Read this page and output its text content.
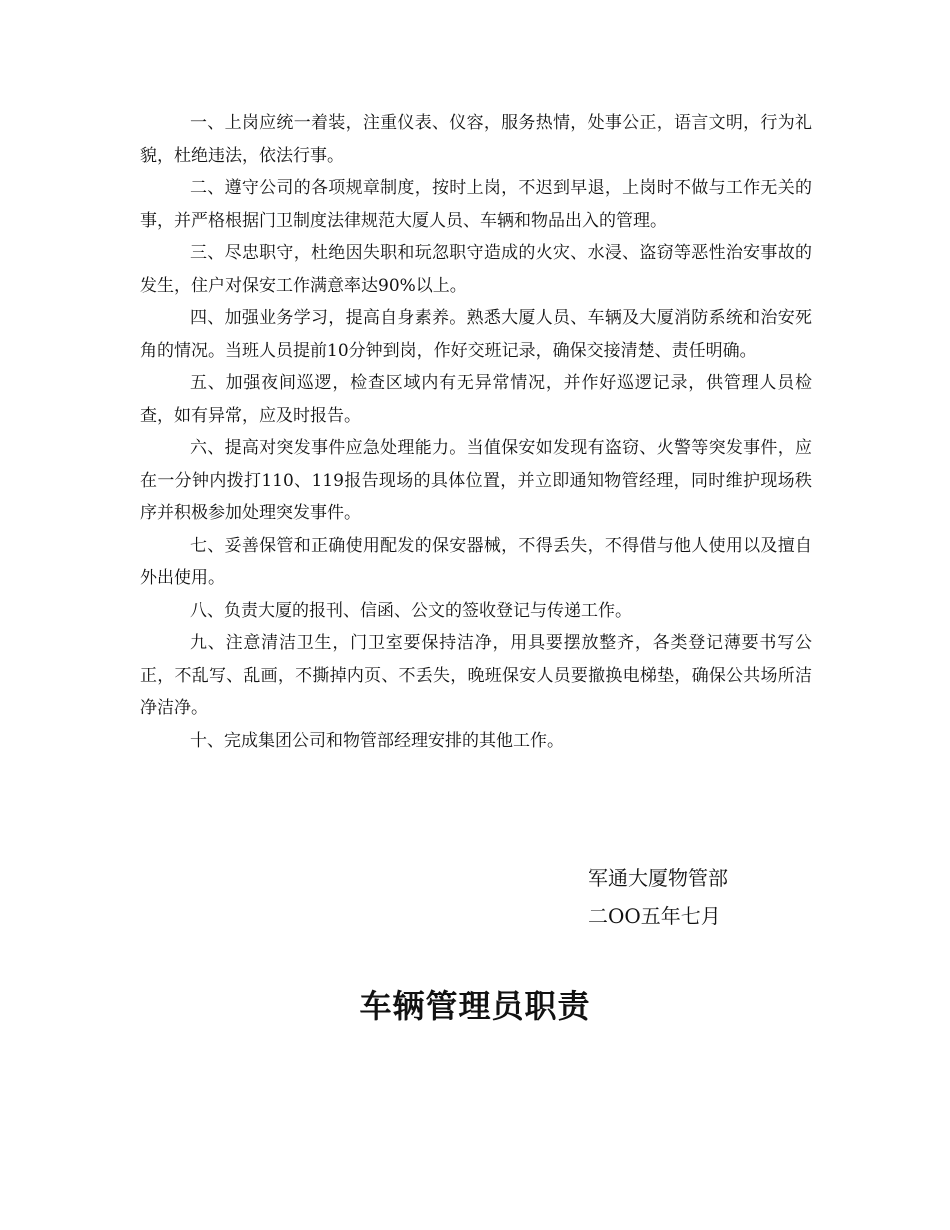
一、上岗应统一着装，注重仪表、仪容，服务热情，处事公正，语言文明，行为礼貌，杜绝违法，依法行事。

二、遵守公司的各项规章制度，按时上岗，不迟到早退，上岗时不做与工作无关的事，并严格根据门卫制度法律规范大厦人员、车辆和物品出入的管理。

三、尽忠职守，杜绝因失职和玩忽职守造成的火灾、水浸、盗窃等恶性治安事故的发生，住户对保安工作满意率达90%以上。

四、加强业务学习，提高自身素养。熟悉大厦人员、车辆及大厦消防系统和治安死角的情况。当班人员提前10分钟到岗，作好交班记录，确保交接清楚、责任明确。

五、加强夜间巡逻，检查区域内有无异常情况，并作好巡逻记录，供管理人员检查，如有异常，应及时报告。

六、提高对突发事件应急处理能力。当值保安如发现有盗窃、火警等突发事件，应在一分钟内拨打110、119报告现场的具体位置，并立即通知物管经理，同时维护现场秩序并积极参加处理突发事件。

七、妥善保管和正确使用配发的保安器械，不得丢失，不得借与他人使用以及擅自外出使用。

八、负责大厦的报刊、信函、公文的签收登记与传递工作。

九、注意清洁卫生，门卫室要保持洁净，用具要摆放整齐，各类登记薄要书写公正，不乱写、乱画，不撕掉内页、不丢失，晚班保安人员要撤换电梯垫，确保公共场所洁净洁净。

十、完成集团公司和物管部经理安排的其他工作。

军通大厦物管部
二OO五年七月
车辆管理员职责
